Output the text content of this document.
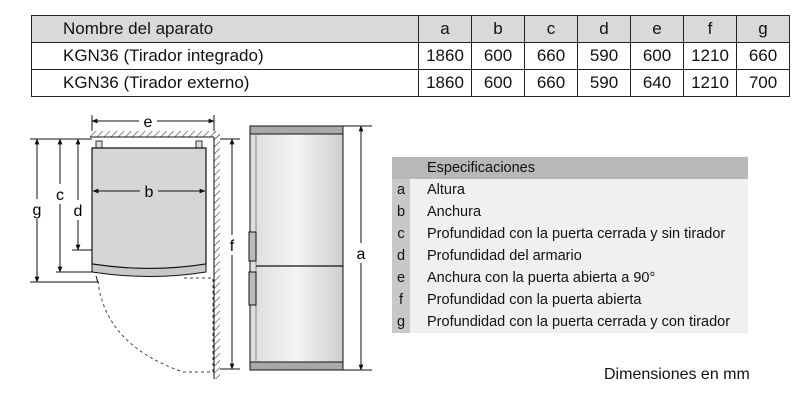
Nombre del aparato	a	b	c	d	e	f	g
KGN36 (Tirador integrado)	1860	600	660	590	600	1210	660
KGN36 (Tirador externo)	1860	600	660	590	640	1210	700
e
b
g
c
d
f	a
Especificaciones
a	Altura
b	Anchura
c	Profundidad con la puerta cerrada y sin tirador
d	Profundidad del armario
e	Anchura con la puerta abierta a 90°
f	Profundidad con la puerta abierta
g	Profundidad con la puerta cerrada y con tirador
Dimensiones en mm
